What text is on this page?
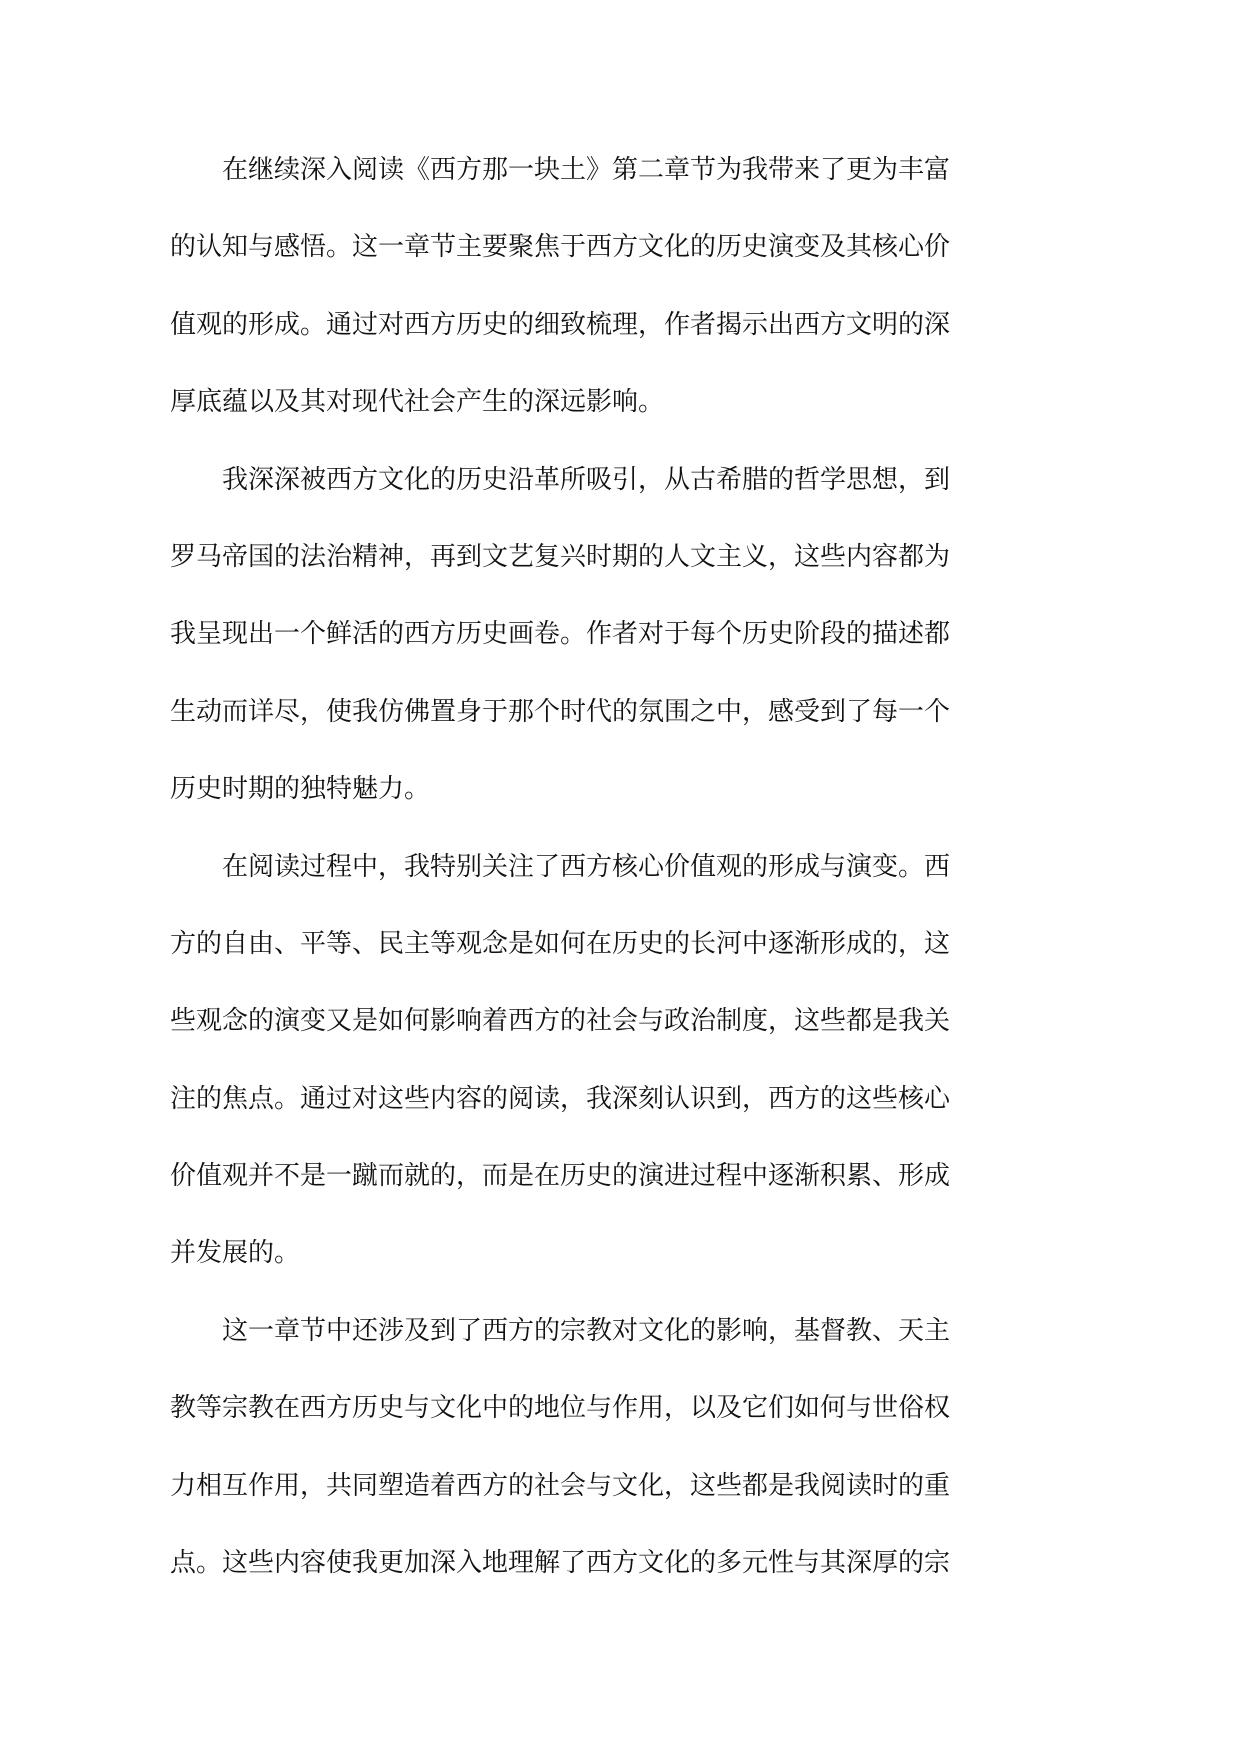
在继续深入阅读《西方那一块土》第二章节为我带来了更为丰富
的认知与感悟。这一章节主要聚焦于西方文化的历史演变及其核心价
值观的形成。通过对西方历史的细致梳理，作者揭示出西方文明的深
厚底蕴以及其对现代社会产生的深远影响。
我深深被西方文化的历史沿革所吸引，从古希腊的哲学思想，到
罗马帝国的法治精神，再到文艺复兴时期的人文主义，这些内容都为
我呈现出一个鲜活的西方历史画卷。作者对于每个历史阶段的描述都
生动而详尽，使我仿佛置身于那个时代的氛围之中，感受到了每一个
历史时期的独特魅力。
在阅读过程中，我特别关注了西方核心价值观的形成与演变。西
方的自由、平等、民主等观念是如何在历史的长河中逐渐形成的，这
些观念的演变又是如何影响着西方的社会与政治制度，这些都是我关
注的焦点。通过对这些内容的阅读，我深刻认识到，西方的这些核心
价值观并不是一蹴而就的，而是在历史的演进过程中逐渐积累、形成
并发展的。
这一章节中还涉及到了西方的宗教对文化的影响，基督教、天主
教等宗教在西方历史与文化中的地位与作用，以及它们如何与世俗权
力相互作用，共同塑造着西方的社会与文化，这些都是我阅读时的重
点。这些内容使我更加深入地理解了西方文化的多元性与其深厚的宗
